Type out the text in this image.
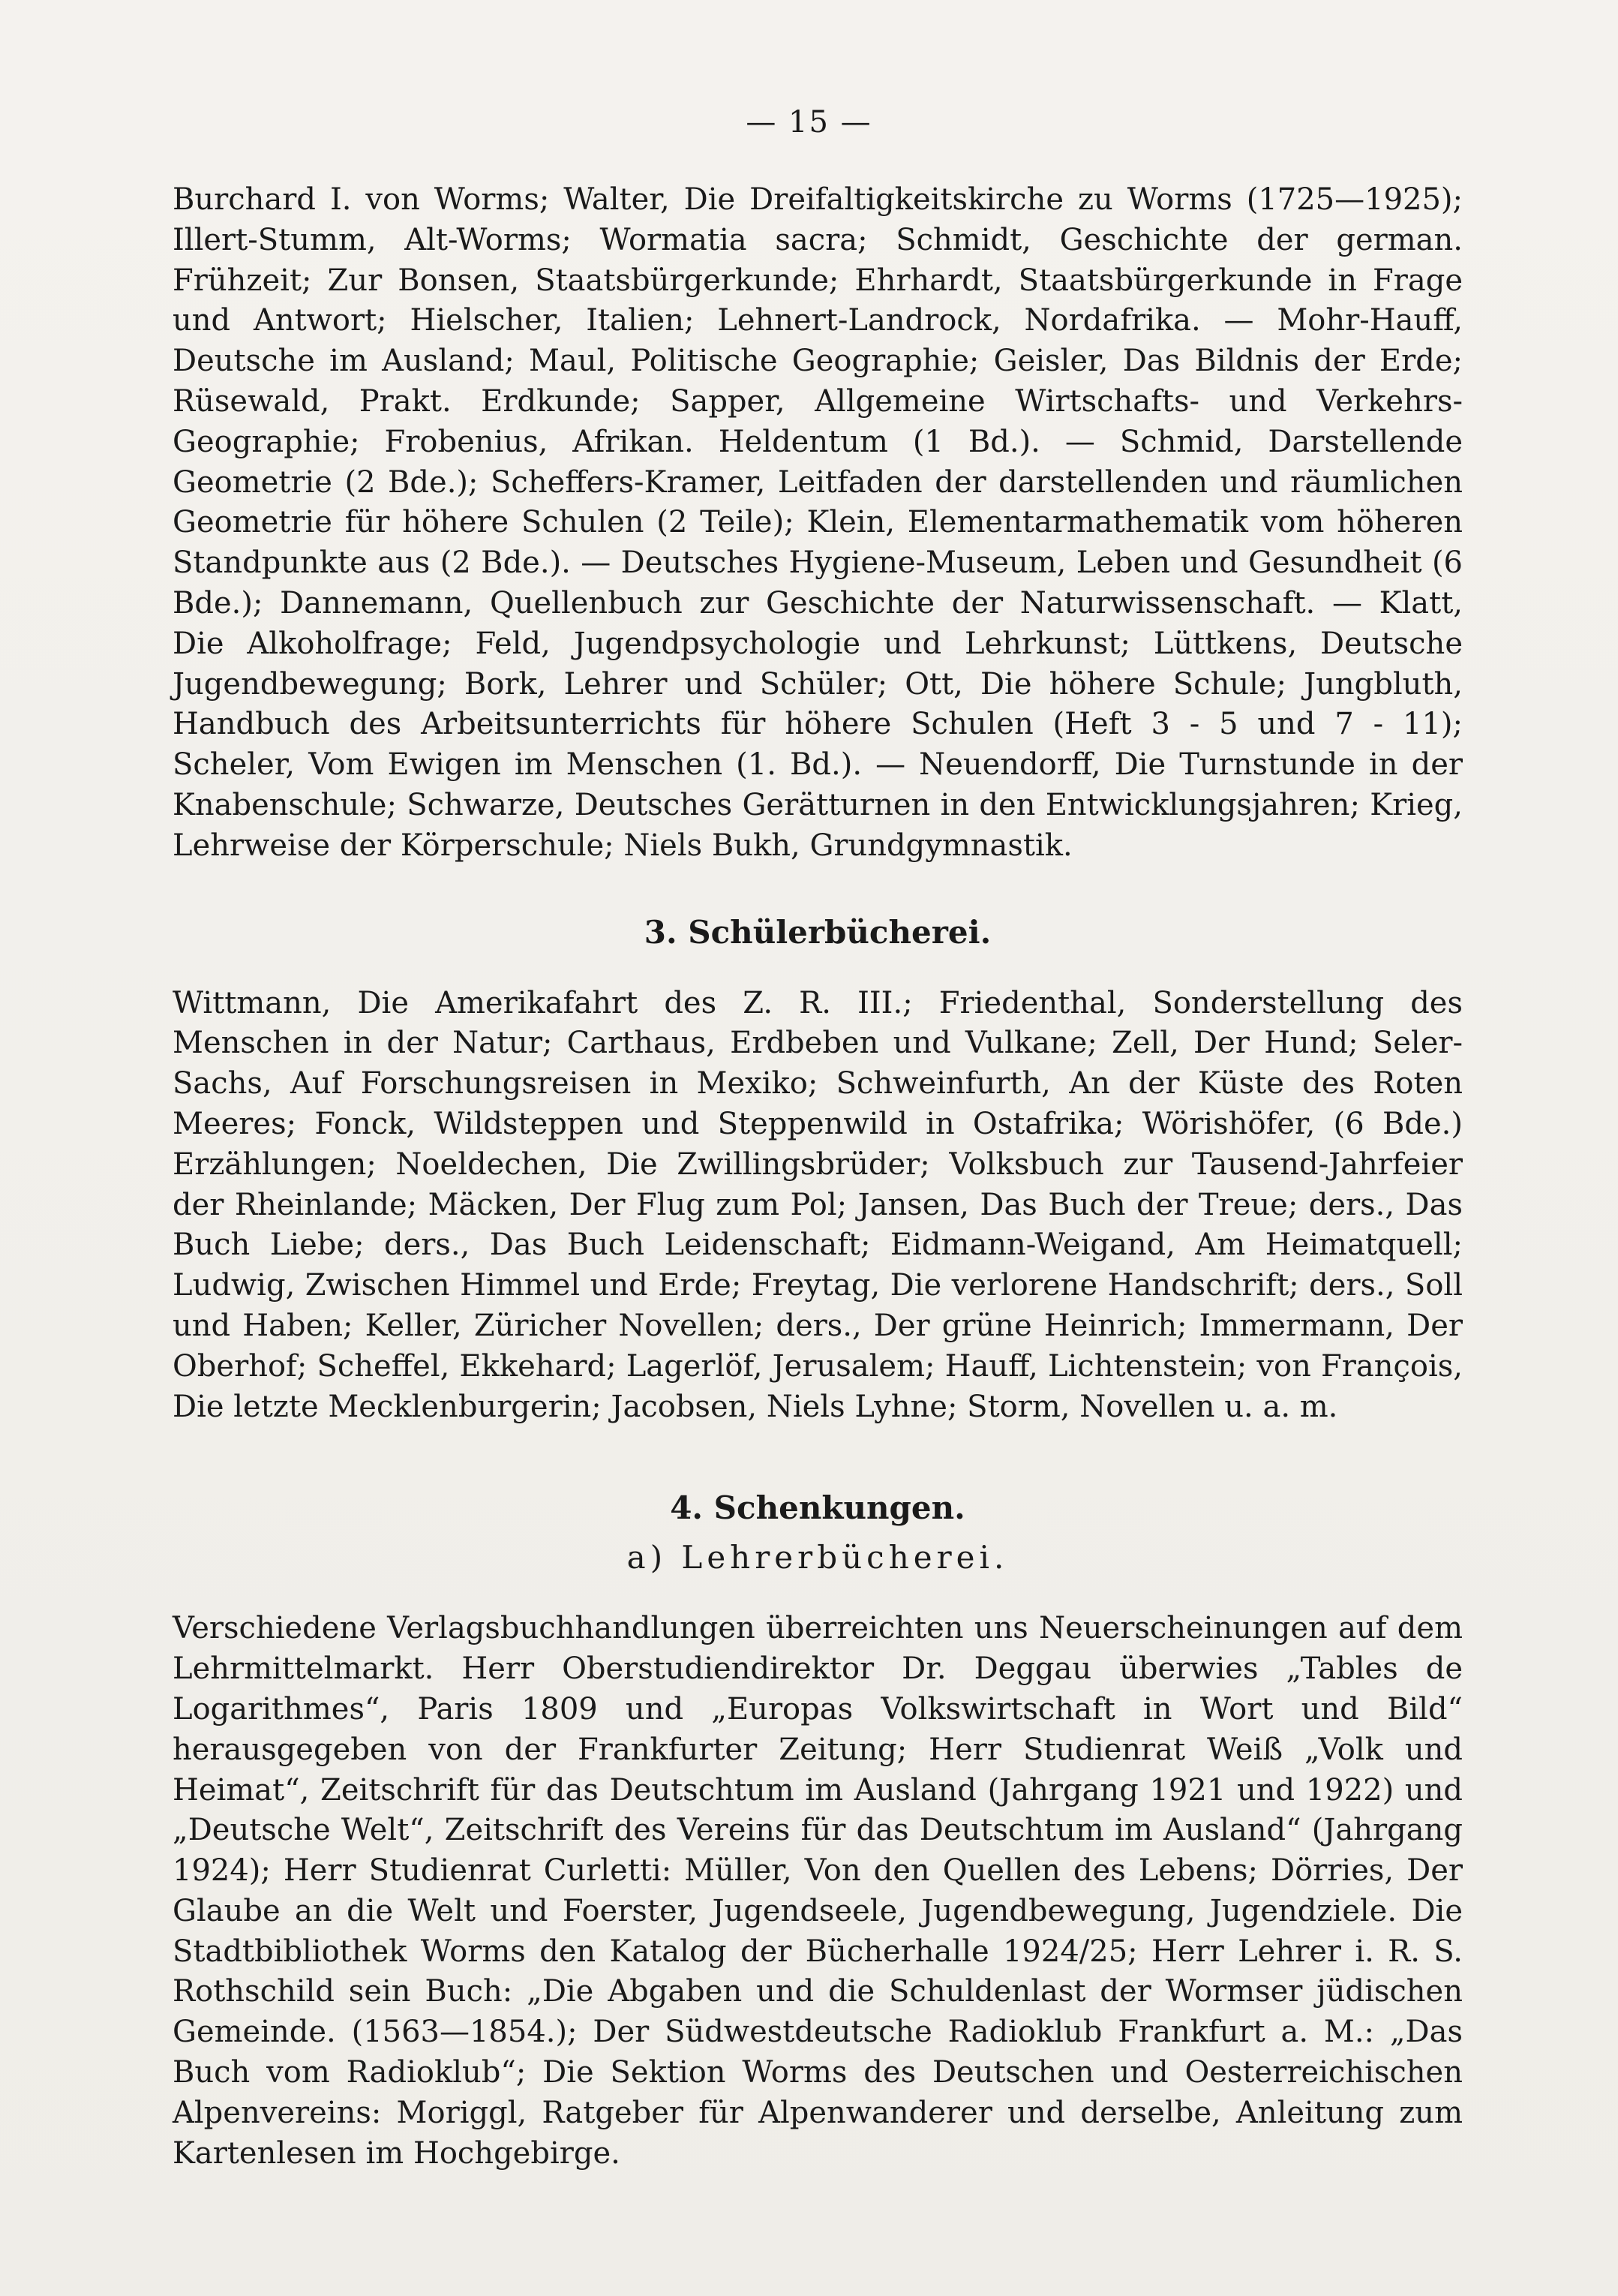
— 15 —

Burchard I. von Worms; Walter, Die Dreifaltigkeitskirche zu Worms (1725—1925); Illert-Stumm, Alt-Worms; Wormatia sacra; Schmidt, Geschichte der german. Frühzeit; Zur Bonsen, Staatsbürgerkunde; Ehrhardt, Staatsbürgerkunde in Frage und Antwort; Hielscher, Italien; Lehnert-Landrock, Nordafrika. — Mohr-Hauff, Deutsche im Ausland; Maul, Politische Geographie; Geisler, Das Bildnis der Erde; Rüsewald, Prakt. Erdkunde; Sapper, Allgemeine Wirtschafts- und Verkehrs-Geographie; Frobenius, Afrikan. Heldentum (1 Bd.). — Schmid, Darstellende Geometrie (2 Bde.); Scheffers-Kramer, Leitfaden der darstellenden und räumlichen Geometrie für höhere Schulen (2 Teile); Klein, Elementarmathematik vom höheren Standpunkte aus (2 Bde.). — Deutsches Hygiene-Museum, Leben und Gesundheit (6 Bde.); Dannemann, Quellenbuch zur Geschichte der Naturwissenschaft. — Klatt, Die Alkoholfrage; Feld, Jugendpsychologie und Lehrkunst; Lüttkens, Deutsche Jugendbewegung; Bork, Lehrer und Schüler; Ott, Die höhere Schule; Jungbluth, Handbuch des Arbeitsunterrichts für höhere Schulen (Heft 3 - 5 und 7 - 11); Scheler, Vom Ewigen im Menschen (1. Bd.). — Neuendorff, Die Turnstunde in der Knabenschule; Schwarze, Deutsches Gerätturnen in den Entwicklungsjahren; Krieg, Lehrweise der Körperschule; Niels Bukh, Grundgymnastik.

3. Schülerbücherei.

Wittmann, Die Amerikafahrt des Z. R. III.; Friedenthal, Sonderstellung des Menschen in der Natur; Carthaus, Erdbeben und Vulkane; Zell, Der Hund; Seler-Sachs, Auf Forschungsreisen in Mexiko; Schweinfurth, An der Küste des Roten Meeres; Fonck, Wildsteppen und Steppenwild in Ostafrika; Wörishöfer, (6 Bde.) Erzählungen; Noeldechen, Die Zwillingsbrüder; Volksbuch zur Tausend-Jahrfeier der Rheinlande; Mäcken, Der Flug zum Pol; Jansen, Das Buch der Treue; ders., Das Buch Liebe; ders., Das Buch Leidenschaft; Eidmann-Weigand, Am Heimatquell; Ludwig, Zwischen Himmel und Erde; Freytag, Die verlorene Handschrift; ders., Soll und Haben; Keller, Züricher Novellen; ders., Der grüne Heinrich; Immermann, Der Oberhof; Scheffel, Ekkehard; Lagerlöf, Jerusalem; Hauff, Lichtenstein; von François, Die letzte Mecklenburgerin; Jacobsen, Niels Lyhne; Storm, Novellen u. a. m.

4. Schenkungen.

a) Lehrerbücherei.

Verschiedene Verlagsbuchhandlungen überreichten uns Neuerscheinungen auf dem Lehrmittelmarkt. Herr Oberstudiendirektor Dr. Deggau überwies „Tables de Logarithmes“, Paris 1809 und „Europas Volkswirtschaft in Wort und Bild“ herausgegeben von der Frankfurter Zeitung; Herr Studienrat Weiß „Volk und Heimat“, Zeitschrift für das Deutschtum im Ausland (Jahrgang 1921 und 1922) und „Deutsche Welt“, Zeitschrift des Vereins für das Deutschtum im Ausland“ (Jahrgang 1924); Herr Studienrat Curletti: Müller, Von den Quellen des Lebens; Dörries, Der Glaube an die Welt und Foerster, Jugendseele, Jugendbewegung, Jugendziele. Die Stadtbibliothek Worms den Katalog der Bücherhalle 1924/25; Herr Lehrer i. R. S. Rothschild sein Buch: „Die Abgaben und die Schuldenlast der Wormser jüdischen Gemeinde. (1563—1854.); Der Südwestdeutsche Radioklub Frankfurt a. M.: „Das Buch vom Radioklub“; Die Sektion Worms des Deutschen und Oesterreichischen Alpenvereins: Moriggl, Ratgeber für Alpenwanderer und derselbe, Anleitung zum Kartenlesen im Hochgebirge.
